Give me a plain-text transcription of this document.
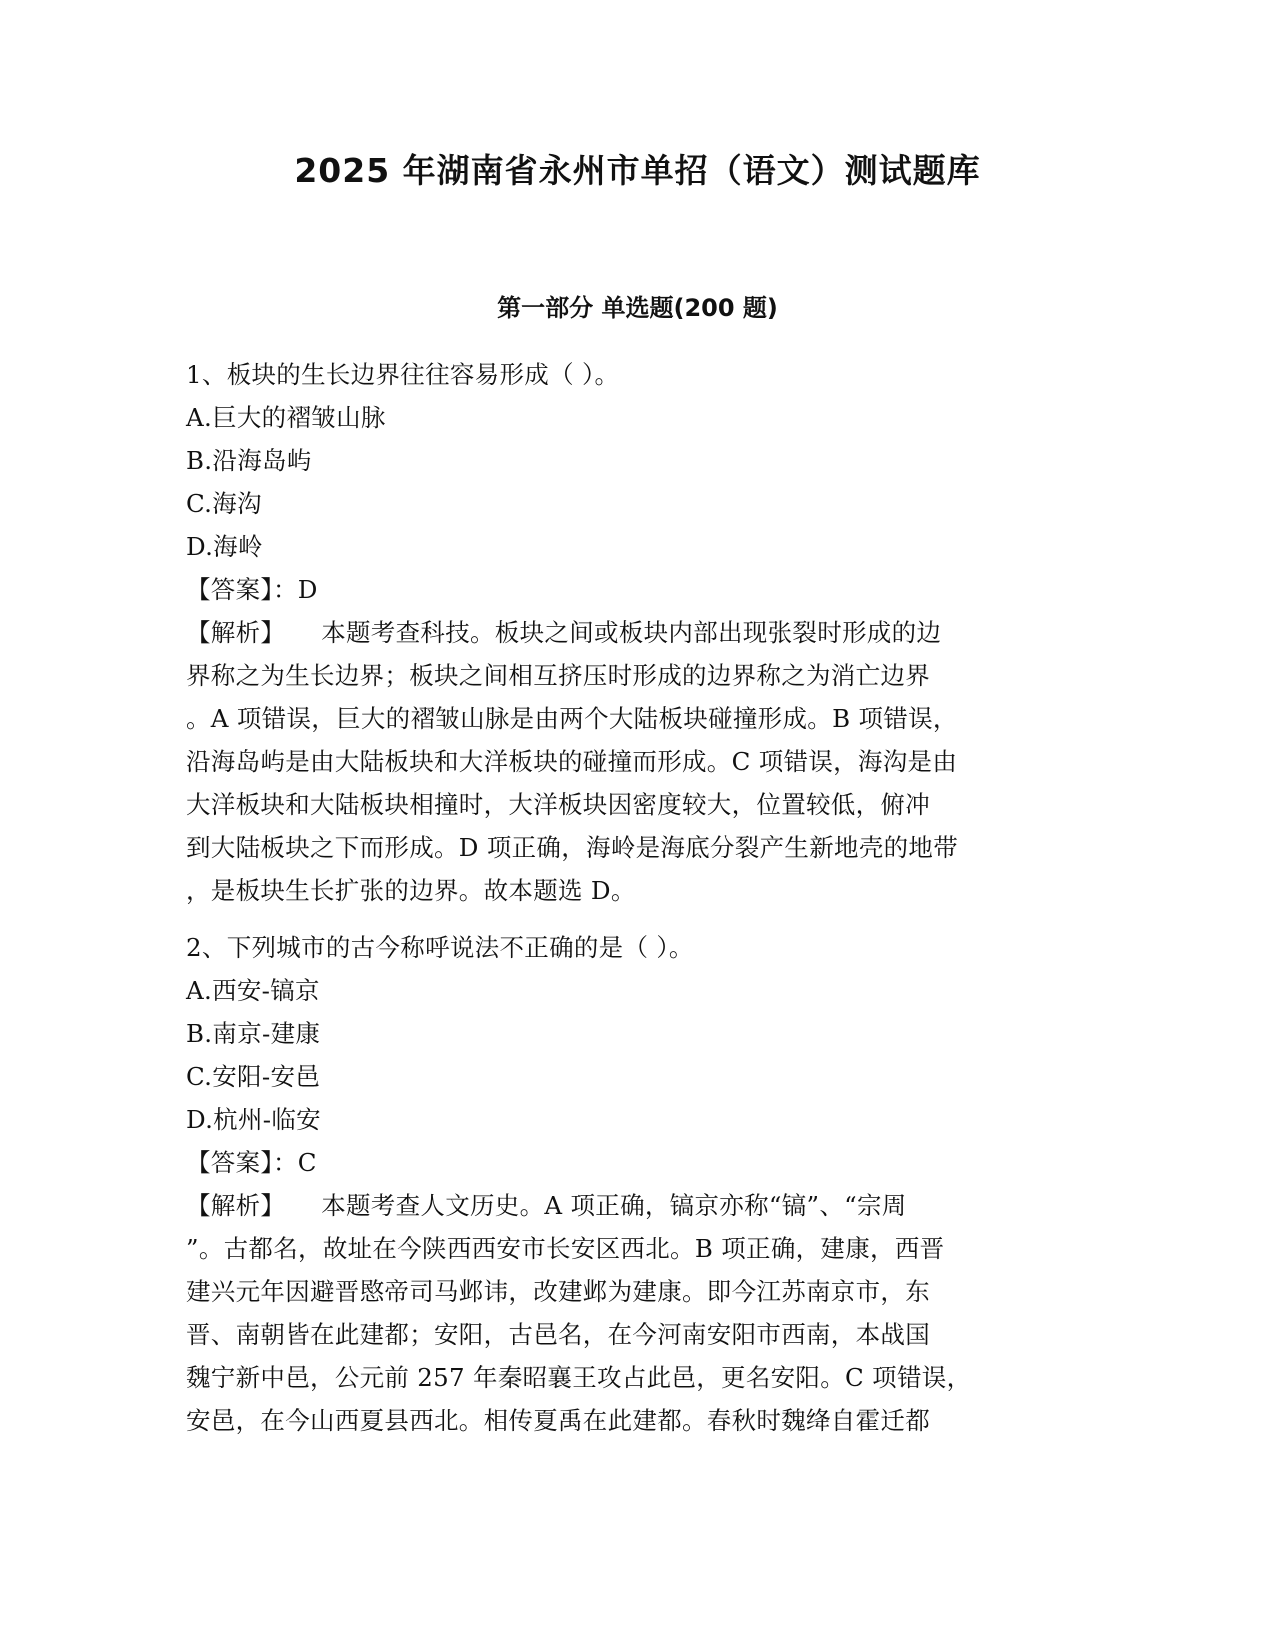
2025 年湖南省永州市单招（语文）测试题库
第一部分 单选题(200 题)

1、板块的生长边界往往容易形成（ ）。

A.巨大的褶皱山脉

B.沿海岛屿

C.海沟

D.海岭

【答案】：D

【解析】 本题考查科技。板块之间或板块内部出现张裂时形成的边

界称之为生长边界；板块之间相互挤压时形成的边界称之为消亡边界

。A 项错误，巨大的褶皱山脉是由两个大陆板块碰撞形成。B 项错误，

沿海岛屿是由大陆板块和大洋板块的碰撞而形成。C 项错误，海沟是由

大洋板块和大陆板块相撞时，大洋板块因密度较大，位置较低，俯冲

到大陆板块之下而形成。D 项正确，海岭是海底分裂产生新地壳的地带

，是板块生长扩张的边界。故本题选 D。

2、下列城市的古今称呼说法不正确的是（ ）。

A.西安-镐京

B.南京-建康

C.安阳-安邑

D.杭州-临安

【答案】：C

【解析】 本题考查人文历史。A 项正确，镐京亦称“镐”、“宗周

”。古都名，故址在今陕西西安市长安区西北。B 项正确，建康，西晋

建兴元年因避晋愍帝司马邺讳，改建邺为建康。即今江苏南京市，东

晋、南朝皆在此建都；安阳，古邑名，在今河南安阳市西南，本战国

魏宁新中邑，公元前 257 年秦昭襄王攻占此邑，更名安阳。C 项错误，

安邑，在今山西夏县西北。相传夏禹在此建都。春秋时魏绛自霍迁都
